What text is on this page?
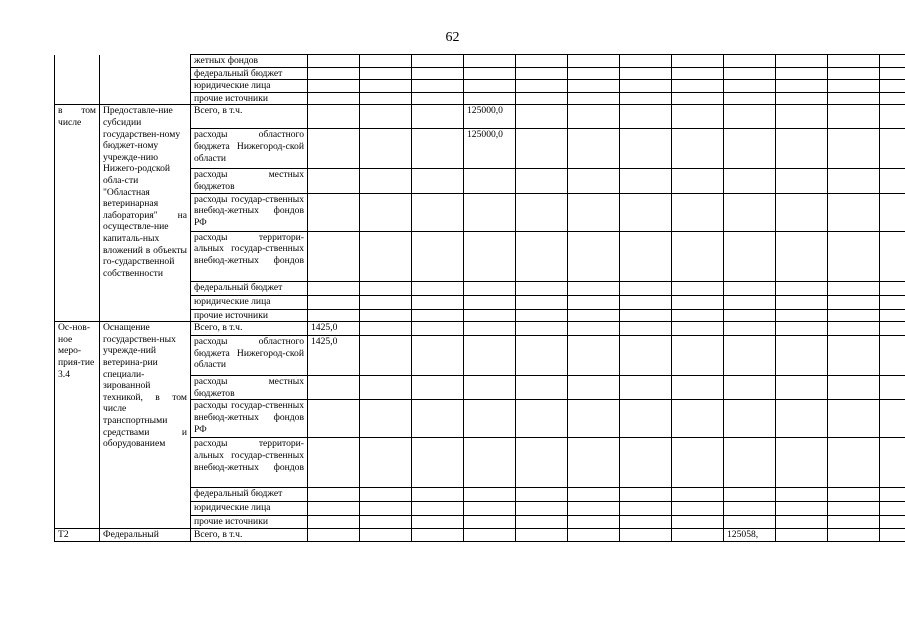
62
		жетных фондов												
		федеральный бюджет												
		юридические лица												
		прочие источники												
в том числе	Предоставле-ние субсидии государствен-ному бюджет-ному учрежде-нию Нижего-родской обла-сти "Областная ветеринарная лаборатория" на осуществле-ние капиталь-ных вложений в объекты го-сударственной собственности	Всего, в т.ч.				125000,0								
		расходы областного бюджета Нижегород-ской области				125000,0								
		расходы местных бюджетов												
		расходы государ-ственных внебюд-жетных фондов РФ												
		расходы территори-альных государ-ственных внебюд-жетных фондов												
		федеральный бюджет												
		юридические лица												
		прочие источники												
Ос-нов-ное меро-прия-тие 3.4	Оснащение государствен-ных учрежде-ний ветерина-рии специали-зированной техникой, в том числе транспортными средствами и оборудованием	Всего, в т.ч.	1425,0											
		расходы областного бюджета Нижегород-ской области	1425,0											
		расходы местных бюджетов												
		расходы государ-ственных внебюд-жетных фондов РФ												
		расходы территори-альных государ-ственных внебюд-жетных фондов												
		федеральный бюджет												
		юридические лица												
		прочие источники												
Т2	Федеральный	Всего, в т.ч.									125058,			
